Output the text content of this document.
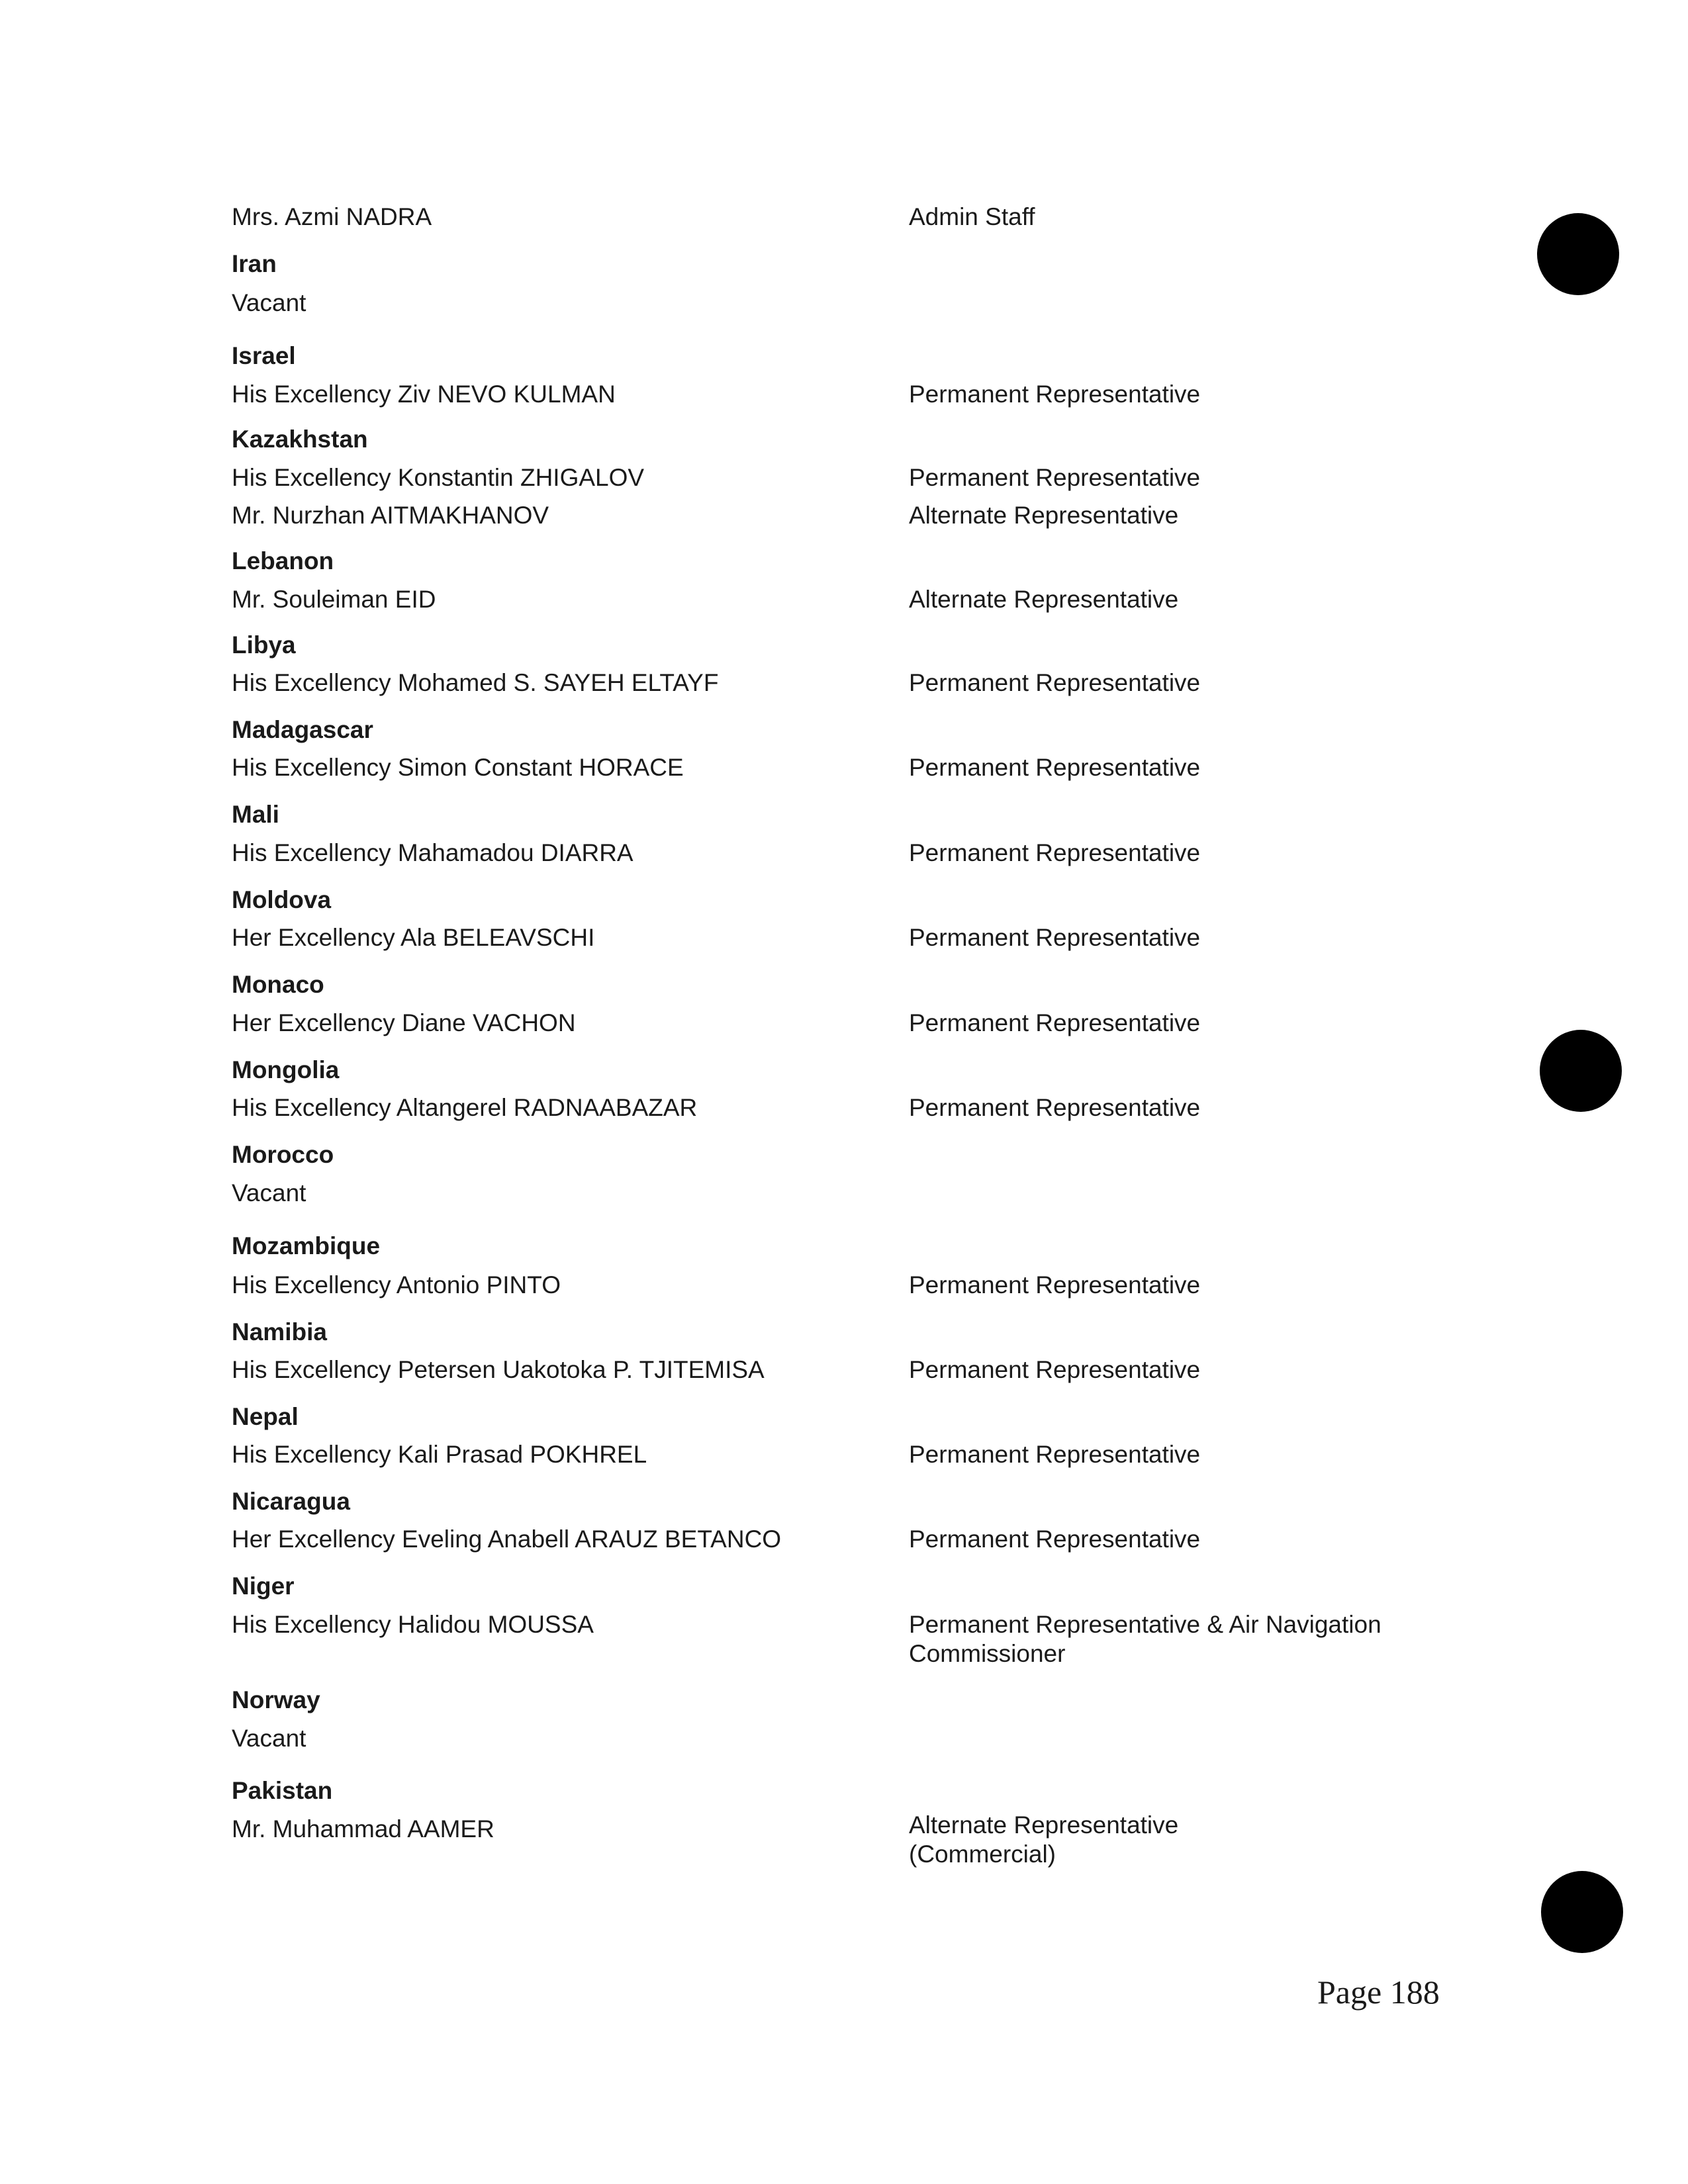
Mrs. Azmi NADRA	Admin Staff
Iran
Vacant
Israel
His Excellency Ziv NEVO KULMAN	Permanent Representative
Kazakhstan
His Excellency Konstantin ZHIGALOV	Permanent Representative
Mr. Nurzhan AITMAKHANOV	Alternate Representative
Lebanon
Mr. Souleiman EID	Alternate Representative
Libya
His Excellency Mohamed S. SAYEH ELTAYF	Permanent Representative
Madagascar
His Excellency Simon Constant HORACE	Permanent Representative
Mali
His Excellency Mahamadou DIARRA	Permanent Representative
Moldova
Her Excellency Ala BELEAVSCHI	Permanent Representative
Monaco
Her Excellency Diane VACHON	Permanent Representative
Mongolia
His Excellency Altangerel RADNAABAZAR	Permanent Representative
Morocco
Vacant
Mozambique
His Excellency Antonio PINTO	Permanent Representative
Namibia
His Excellency Petersen Uakotoka P. TJITEMISA	Permanent Representative
Nepal
His Excellency Kali Prasad POKHREL	Permanent Representative
Nicaragua
Her Excellency Eveling Anabell ARAUZ BETANCO	Permanent Representative
Niger
His Excellency Halidou MOUSSA	Permanent Representative & Air Navigation Commissioner
Norway
Vacant
Pakistan
Mr. Muhammad AAMER	Alternate Representative (Commercial)
Page 188
